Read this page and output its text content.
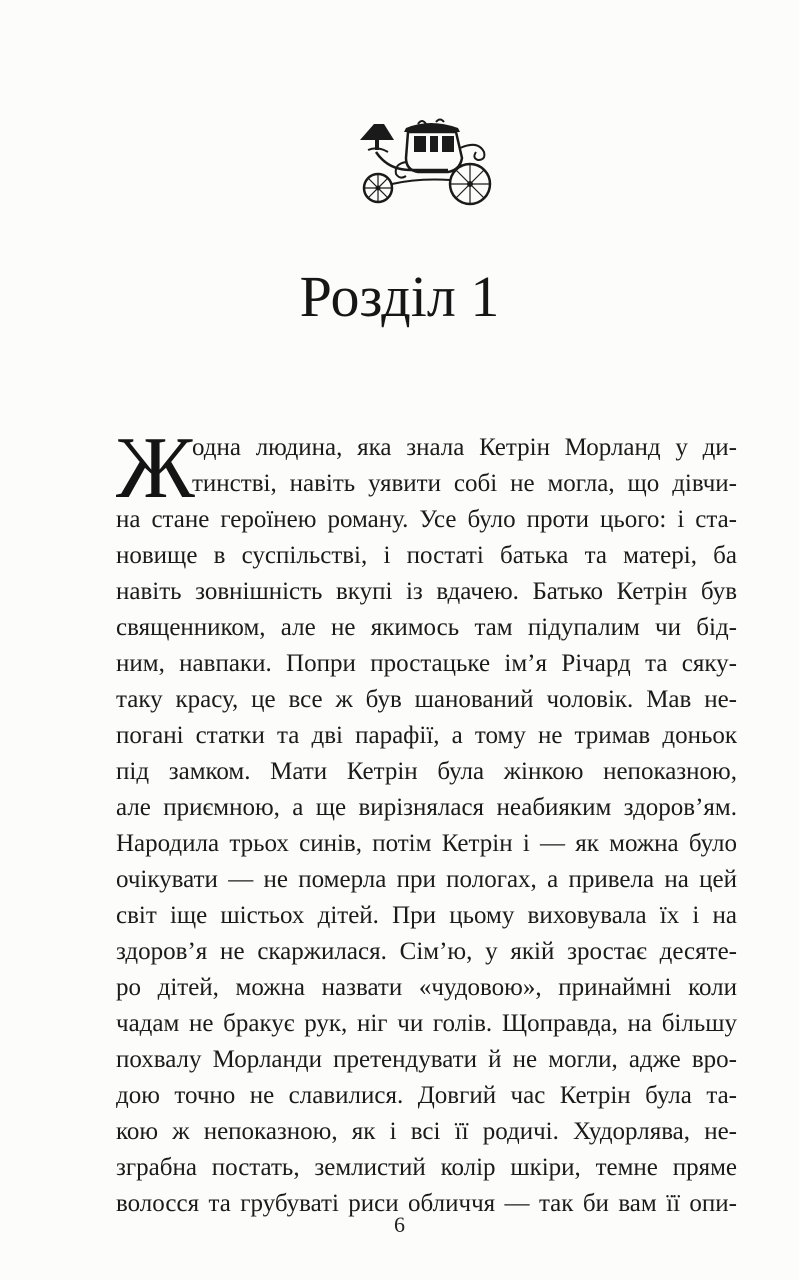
Розділ 1
Ж
одна людина, яка знала Кетрін Морланд у ди-
тинстві, навіть уявити собі не могла, що дівчи-
на стане героїнею роману. Усе було проти цього: і ста-
новище в суспільстві, і постаті батька та матері, ба
навіть зовнішність вкупі із вдачею. Батько Кетрін був
священником, але не якимось там підупалим чи бід-
ним, навпаки. Попри простацьке ім’я Річард та сяку-
таку красу, це все ж був шанований чоловік. Мав не-
погані статки та дві парафії, а тому не тримав доньок
під замком. Мати Кетрін була жінкою непоказною,
але приємною, а ще вирізнялася неабияким здоров’ям.
Народила трьох синів, потім Кетрін і — як можна було
очікувати — не померла при пологах, а привела на цей
світ іще шістьох дітей. При цьому виховувала їх і на
здоров’я не скаржилася. Сім’ю, у якій зростає десяте-
ро дітей, можна назвати «чудовою», принаймні коли
чадам не бракує рук, ніг чи голів. Щоправда, на більшу
похвалу Морланди претендувати й не могли, адже вро-
дою точно не славилися. Довгий час Кетрін була та-
кою ж непоказною, як і всі її родичі. Худорлява, не-
зграбна постать, землистий колір шкіри, темне пряме
волосся та грубуваті риси обличчя — так би вам її опи-
6
